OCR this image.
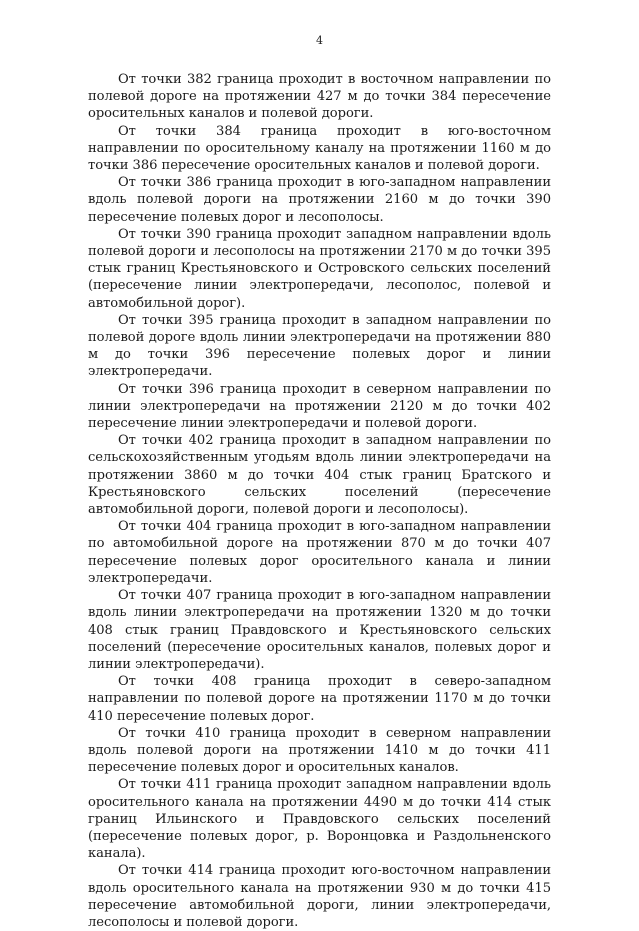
4

От точки 382 граница проходит в восточном направлении по полевой дороге на протяжении 427 м до точки 384 пересечение оросительных каналов и полевой дороги.

От точки 384 граница проходит в юго-восточном направлении по оросительному каналу на протяжении 1160 м до точки 386 пересечение оросительных каналов и полевой дороги.

От точки 386 граница проходит в юго-западном направлении вдоль полевой дороги на протяжении 2160 м до точки 390 пересечение полевых дорог и лесополосы.

От точки 390 граница проходит западном направлении вдоль полевой дороги и лесополосы на протяжении 2170 м до точки 395 стык границ Крестьяновского и Островского сельских поселений (пересечение линии электропередачи, лесополос, полевой и автомобильной дорог).

От точки 395 граница проходит в западном направлении по полевой дороге вдоль линии электропередачи на протяжении 880 м до точки 396 пересечение полевых дорог и линии электропередачи.

От точки 396 граница проходит в северном направлении по линии электропередачи на протяжении 2120 м до точки 402 пересечение линии электропередачи и полевой дороги.

От точки 402 граница проходит в западном направлении по сельскохозяйственным угодьям вдоль линии электропередачи на протяжении 3860 м до точки 404 стык границ Братского и Крестьяновского сельских поселений (пересечение автомобильной дороги, полевой дороги и лесополосы).

От точки 404 граница проходит в юго-западном направлении по автомобильной дороге на протяжении 870 м до точки 407 пересечение полевых дорог оросительного канала и линии электропередачи.

От точки 407 граница проходит в юго-западном направлении вдоль линии электропередачи на протяжении 1320 м до точки 408 стык границ Правдовского и Крестьяновского сельских поселений (пересечение оросительных каналов, полевых дорог и линии электропередачи).

От точки 408 граница проходит в северо-западном направлении по полевой дороге на протяжении 1170 м до точки 410 пересечение полевых дорог.

От точки 410 граница проходит в северном направлении вдоль полевой дороги на протяжении 1410 м до точки 411 пересечение полевых дорог и оросительных каналов.

От точки 411 граница проходит западном направлении вдоль оросительного канала на протяжении 4490 м до точки 414 стык границ Ильинского и Правдовского сельских поселений (пересечение полевых дорог, р. Воронцовка и Раздольненского канала).

От точки 414 граница проходит юго-восточном направлении вдоль оросительного канала на протяжении 930 м до точки 415 пересечение автомобильной дороги, линии электропередачи, лесополосы и полевой дороги.
